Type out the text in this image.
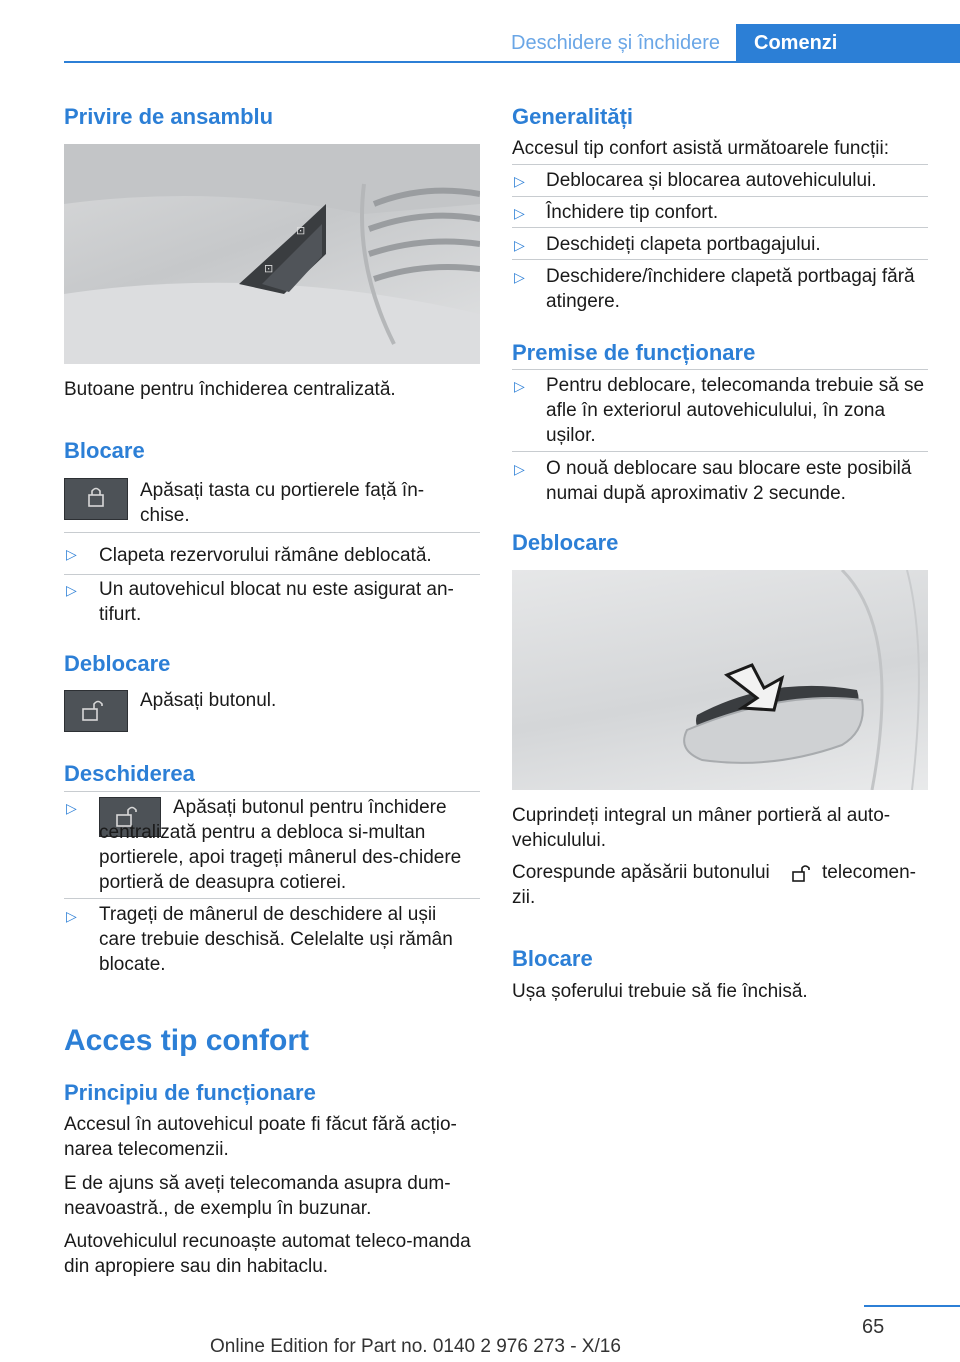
Deschidere și închidere	Comenzi
Privire de ansamblu
⊡
⊡
Butoane pentru închiderea centralizată.
Blocare
Apăsați tasta cu portierele față în-chise.
▷ Clapeta rezervorului rămâne deblocată.
▷ Un autovehicul blocat nu este asigurat an-tifurt.
Deblocare
Apăsați butonul.
Deschiderea
▷	Apăsați butonul pentru închidere centralizată pentru a debloca si-multan portierele, apoi trageți mânerul des-chidere portieră de deasupra cotierei.
▷ Trageți de mânerul de deschidere al ușii care trebuie deschisă. Celelalte uși rămân blocate.
Acces tip confort
Principiu de funcționare
Accesul în autovehicul poate fi făcut fără acțio-narea telecomenzii.
E de ajuns să aveți telecomanda asupra dum-neavoastră., de exemplu în buzunar.
Autovehiculul recunoaște automat teleco-manda din apropiere sau din habitaclu.
Generalități
Accesul tip confort asistă următoarele funcții:
▷ Deblocarea și blocarea autovehiculului.
▷ Închidere tip confort.
▷ Deschideți clapeta portbagajului.
▷ Deschidere/închidere clapetă portbagaj fără atingere.
Premise de funcționare
▷ Pentru deblocare, telecomanda trebuie să se afle în exteriorul autovehiculului, în zona ușilor.
▷ O nouă deblocare sau blocare este posibilă numai după aproximativ 2 secunde.
Deblocare
Cuprindeți integral un mâner portieră al auto-vehiculului.
Corespunde apăsării butonului	telecomen-zii.
Blocare
Ușa șoferului trebuie să fie închisă.
65
Online Edition for Part no. 0140 2 976 273 - X/16
